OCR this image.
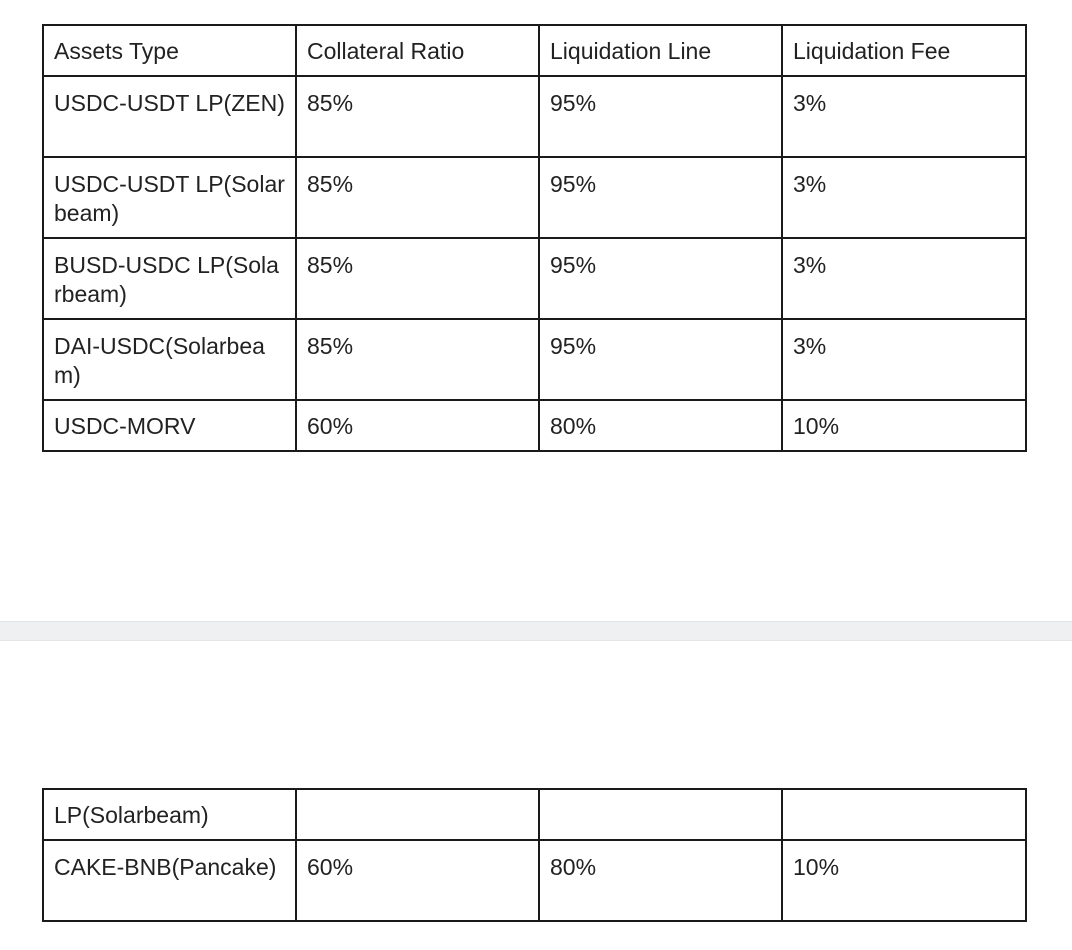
Assets Type	Collateral Ratio	Liquidation Line	Liquidation Fee
USDC-USDT LP(ZEN)	85%	95%	3%
USDC-USDT LP(Solarbeam)	85%	95%	3%
BUSD-USDC LP(Solarbeam)	85%	95%	3%
DAI-USDC(Solarbeam)	85%	95%	3%
USDC-MORV	60%	80%	10%
LP(Solarbeam)			
CAKE-BNB(Pancake)	60%	80%	10%
